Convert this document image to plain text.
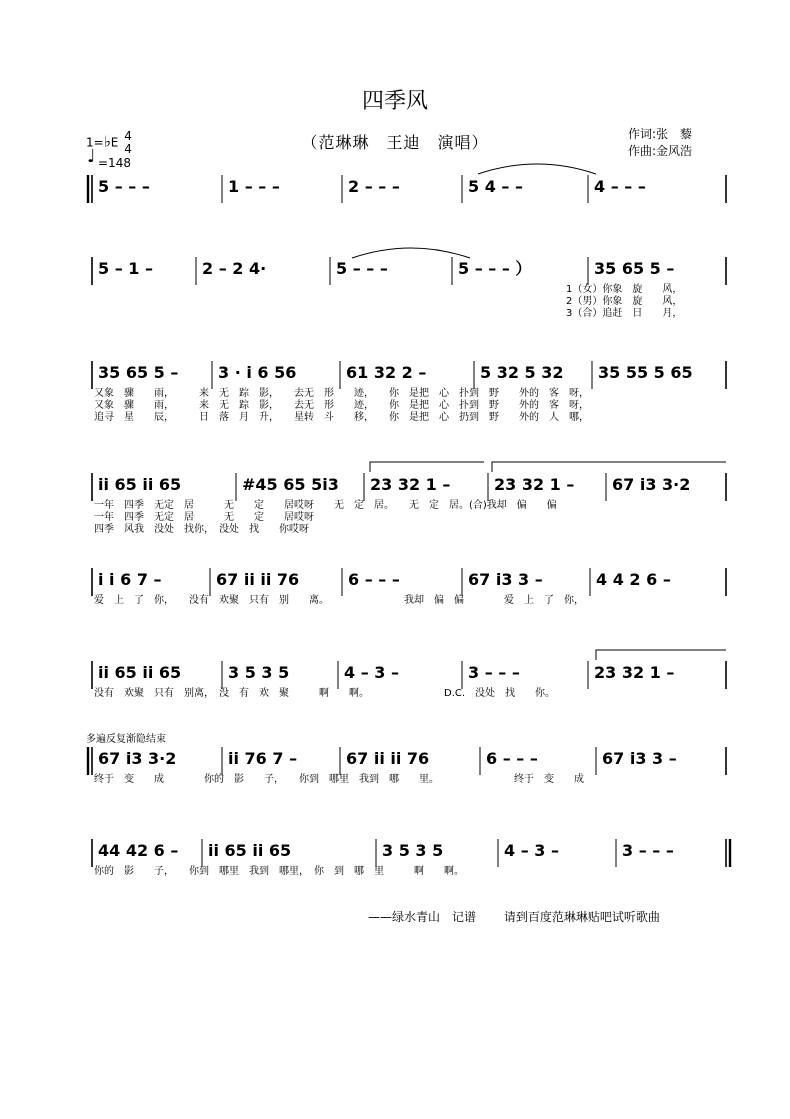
四季风
（范琳琳　王迪　演唱）	作词:张　藜
作曲:金风浩
1=♭E 4
4
♩ =148
5 – – –	1 – – –	2 – – –	5 4 – –	4 – – –
5 – 1 –	2 – 2 4·	5 – – –	5 – – – ）	35 65 5 –
1（女）你象　旋　　风，
2（男）你象　旋　　风，
3（合）追赶　日　　月，
35 65 5 – 3 · i 6 56	61 32 2 –	5 32 5 32 35 55 5 65
又象　骤　　雨，　　　来　无　踪　影，　　去无　形　　迹，　　你　是把　心　扑到　野　　外的　客　呀，
又象　骤　　雨，　　　来　无　踪　影，　　去无　形　　迹，　　你　是把　心　扑到　野　　外的　客　呀，
追寻　星　　辰，　　　日　落　月　升，　　星转　斗　　移，　　你　是把　心　扔到　野　　外的　人　哪，
ii 65 ii 65	#45 65 5i3 23 32 1 –	23 32 1 – 67 i3 3·2
一年　四季　无定　居　　　无　　定　　居哎呀　　无　定　居。　　无　定　居。(合)我却　偏　　偏
一年　四季　无定　居　　　无　　定　　居哎呀
四季　风我　没处　找你，　没处　找　　你哎呀
i i 6 7 –	67 ii ii 76	6 – – –	67 i3 3 –	4 4 2 6 –
爱　上　了　你，　　没有　欢聚　只有　别　　离。　　　　　　　　我却　偏　偏　　　　爱　上　了　你，
ii 65 ii 65	3 5 3 5	4 – 3 –	3 – – –	23 32 1 –
没有　欢聚　只有　别离，　没　有　欢　聚　　　啊　　啊。　　　　　　　　D.C.　没处　找　　你。
67 i3 3·2	ii 76 7 –	67 ii ii 76	6 – – –	67 i3 3 –
终于　变　　成　　　　你的　影　　子，　　你到　哪里　我到　哪　　里。　　　　　　　　终于　变　　成
多遍反复渐隐结束
44 42 6 – ii 65 ii 65	3 5 3 5	4 – 3 –	3 – – –
你的　影　　子，　　你到　哪里　我到　哪里，　你　到　哪　里　　　啊　　啊。
——绿水青山　记谱 请到百度范琳琳贴吧试听歌曲
